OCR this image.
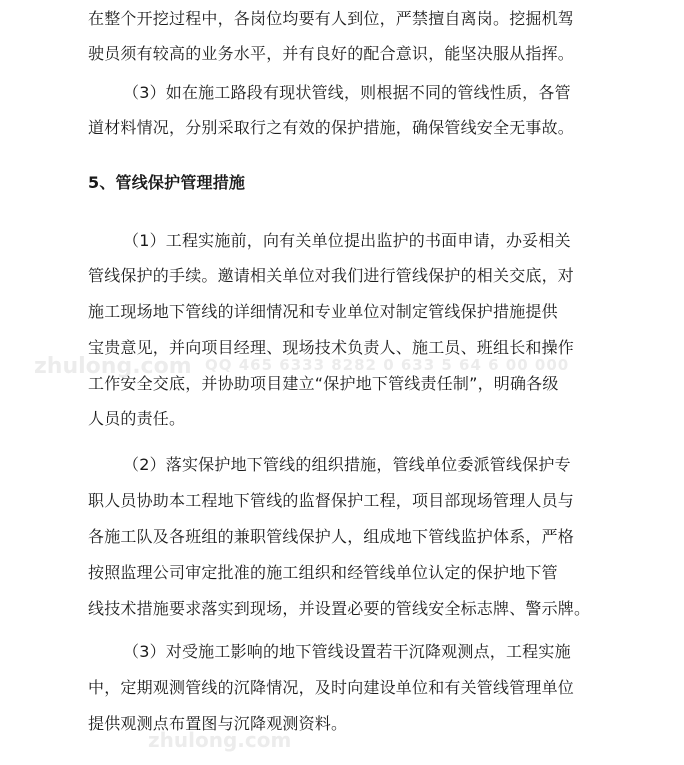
在整个开挖过程中，各岗位均要有人到位，严禁擅自离岗。挖掘机驾
驶员须有较高的业务水平，并有良好的配合意识，能坚决服从指挥。
（3）如在施工路段有现状管线，则根据不同的管线性质，各管
道材料情况，分别采取行之有效的保护措施，确保管线安全无事故。
5、管线保护管理措施
（1）工程实施前，向有关单位提出监护的书面申请，办妥相关
管线保护的手续。邀请相关单位对我们进行管线保护的相关交底，对
施工现场地下管线的详细情况和专业单位对制定管线保护措施提供
宝贵意见，并向项目经理、现场技术负责人、施工员、班组长和操作
工作安全交底，并协助项目建立“保护地下管线责任制”，明确各级
人员的责任。
（2）落实保护地下管线的组织措施，管线单位委派管线保护专
职人员协助本工程地下管线的监督保护工程，项目部现场管理人员与
各施工队及各班组的兼职管线保护人，组成地下管线监护体系，严格
按照监理公司审定批准的施工组织和经管线单位认定的保护地下管
线技术措施要求落实到现场，并设置必要的管线安全标志牌、警示牌。
（3）对受施工影响的地下管线设置若干沉降观测点，工程实施
中，定期观测管线的沉降情况，及时向建设单位和有关管线管理单位
提供观测点布置图与沉降观测资料。
zhulong.com QQ 465 6333 8282 0 633 5 64 6 00 000
zhulong.com
